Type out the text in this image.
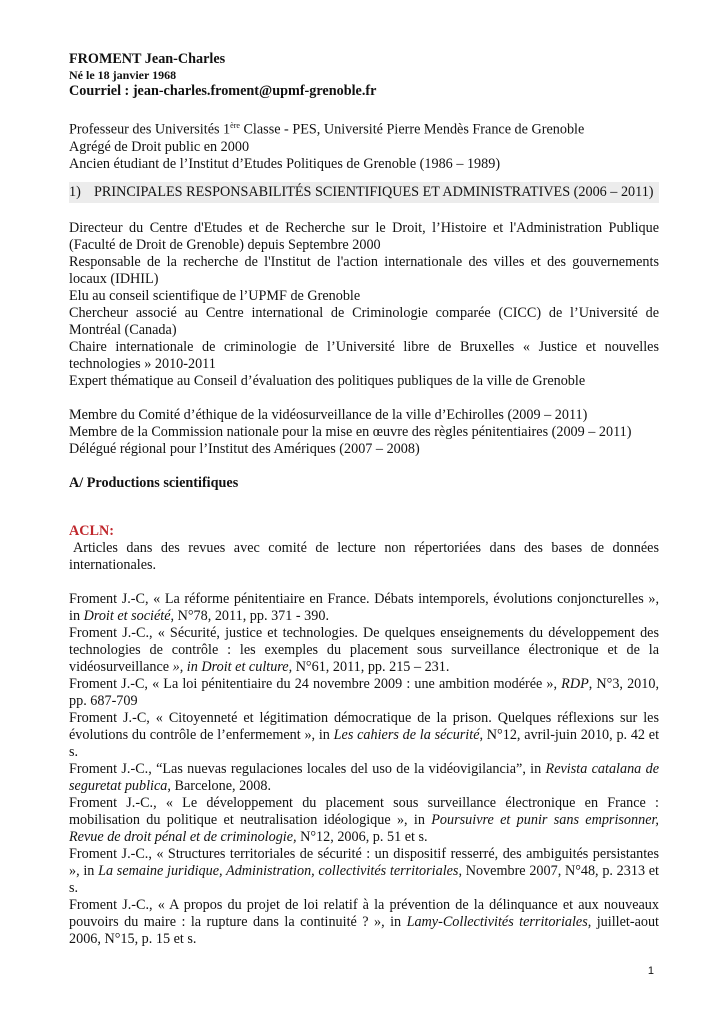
FROMENT Jean-Charles

Né le 18 janvier 1968

Courriel : jean-charles.froment@upmf-grenoble.fr

Professeur des Universités 1ère Classe - PES, Université Pierre Mendès France de Grenoble

Agrégé de Droit public en 2000

Ancien étudiant de l’Institut d’Etudes Politiques de Grenoble (1986 – 1989)

1) PRINCIPALES RESPONSABILITÉS SCIENTIFIQUES ET ADMINISTRATIVES (2006 – 2011)

Directeur du Centre d'Etudes et de Recherche sur le Droit, l’Histoire et l'Administration Publique (Faculté de Droit de Grenoble) depuis Septembre 2000

Responsable de la recherche de l'Institut de l'action internationale des villes et des gouvernements locaux (IDHIL)

Elu au conseil scientifique de l’UPMF de Grenoble

Chercheur associé au Centre international de Criminologie comparée (CICC) de l’Université de Montréal (Canada)

Chaire internationale de criminologie de l’Université libre de Bruxelles « Justice et nouvelles technologies » 2010-2011

Expert thématique au Conseil d’évaluation des politiques publiques de la ville de Grenoble

Membre du Comité d’éthique de la vidéosurveillance de la ville d’Echirolles (2009 – 2011)

Membre de la Commission nationale pour la mise en œuvre des règles pénitentiaires (2009 – 2011)

Délégué régional pour l’Institut des Amériques (2007 – 2008)

A/ Productions scientifiques

ACLN:

Articles dans des revues avec comité de lecture non répertoriées dans des bases de données internationales.

Froment J.-C, « La réforme pénitentiaire en France. Débats intemporels, évolutions conjoncturelles », in Droit et société, N°78, 2011, pp. 371 - 390.

Froment J.-C., « Sécurité, justice et technologies. De quelques enseignements du développement des technologies de contrôle : les exemples du placement sous surveillance électronique et de la vidéosurveillance », in Droit et culture, N°61, 2011, pp. 215 – 231.

Froment J.-C, « La loi pénitentiaire du 24 novembre 2009 : une ambition modérée », RDP, N°3, 2010, pp. 687-709

Froment J.-C, « Citoyenneté et légitimation démocratique de la prison. Quelques réflexions sur les évolutions du contrôle de l’enfermement », in Les cahiers de la sécurité, N°12, avril-juin 2010, p. 42 et s.

Froment J.-C., “Las nuevas regulaciones locales del uso de la vidéovigilancia”, in Revista catalana de seguretat publica, Barcelone, 2008.

Froment J.-C., « Le développement du placement sous surveillance électronique en France : mobilisation du politique et neutralisation idéologique », in Poursuivre et punir sans emprisonner, Revue de droit pénal et de criminologie, N°12, 2006, p. 51 et s.

Froment J.-C., « Structures territoriales de sécurité : un dispositif resserré, des ambiguités persistantes », in La semaine juridique, Administration, collectivités territoriales, Novembre 2007, N°48, p. 2313 et s.

Froment J.-C., « A propos du projet de loi relatif à la prévention de la délinquance et aux nouveaux pouvoirs du maire : la rupture dans la continuité ? », in Lamy-Collectivités territoriales, juillet-aout 2006, N°15, p. 15 et s.

1
